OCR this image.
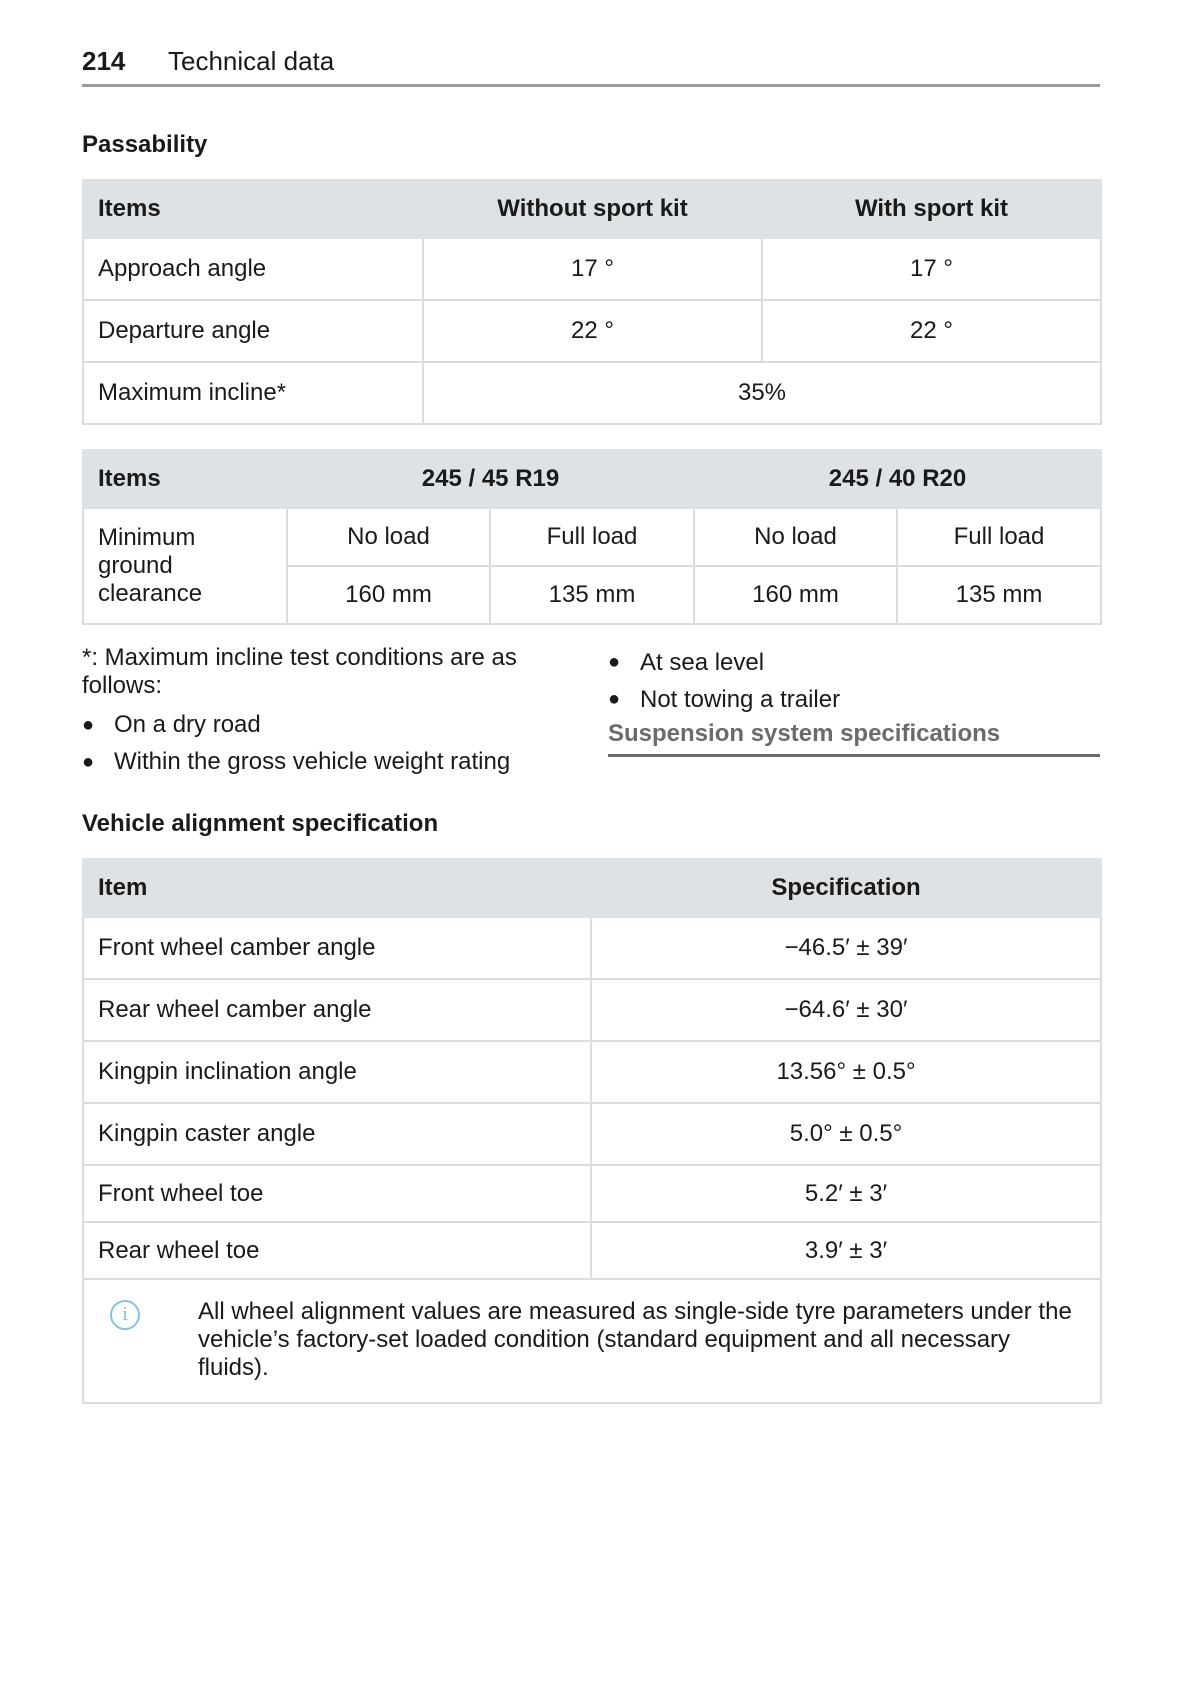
214 Technical data
Passability
Items	Without sport kit	With sport kit
Approach angle	17 °	17 °
Departure angle	22 °	22 °
Maximum incline*	35%	
Items	245 / 45 R19		245 / 40 R20	
Minimum ground clearance	No load	Full load	No load	Full load
	160 mm	135 mm	160 mm	135 mm
*: Maximum incline test conditions are as follows:
● On a dry road
● Within the gross vehicle weight rating
● At sea level
● Not towing a trailer
Suspension system specifications
Vehicle alignment specification
Item	Specification
Front wheel camber angle	−46.5′ ± 39′
Rear wheel camber angle	−64.6′ ± 30′
Kingpin inclination angle	13.56° ± 0.5°
Kingpin caster angle	5.0° ± 0.5°
Front wheel toe	5.2′ ± 3′
Rear wheel toe	3.9′ ± 3′

i All wheel alignment values are measured as single-side tyre parameters under the vehicle’s factory-set loaded condition (standard equipment and all necessary fluids).	
